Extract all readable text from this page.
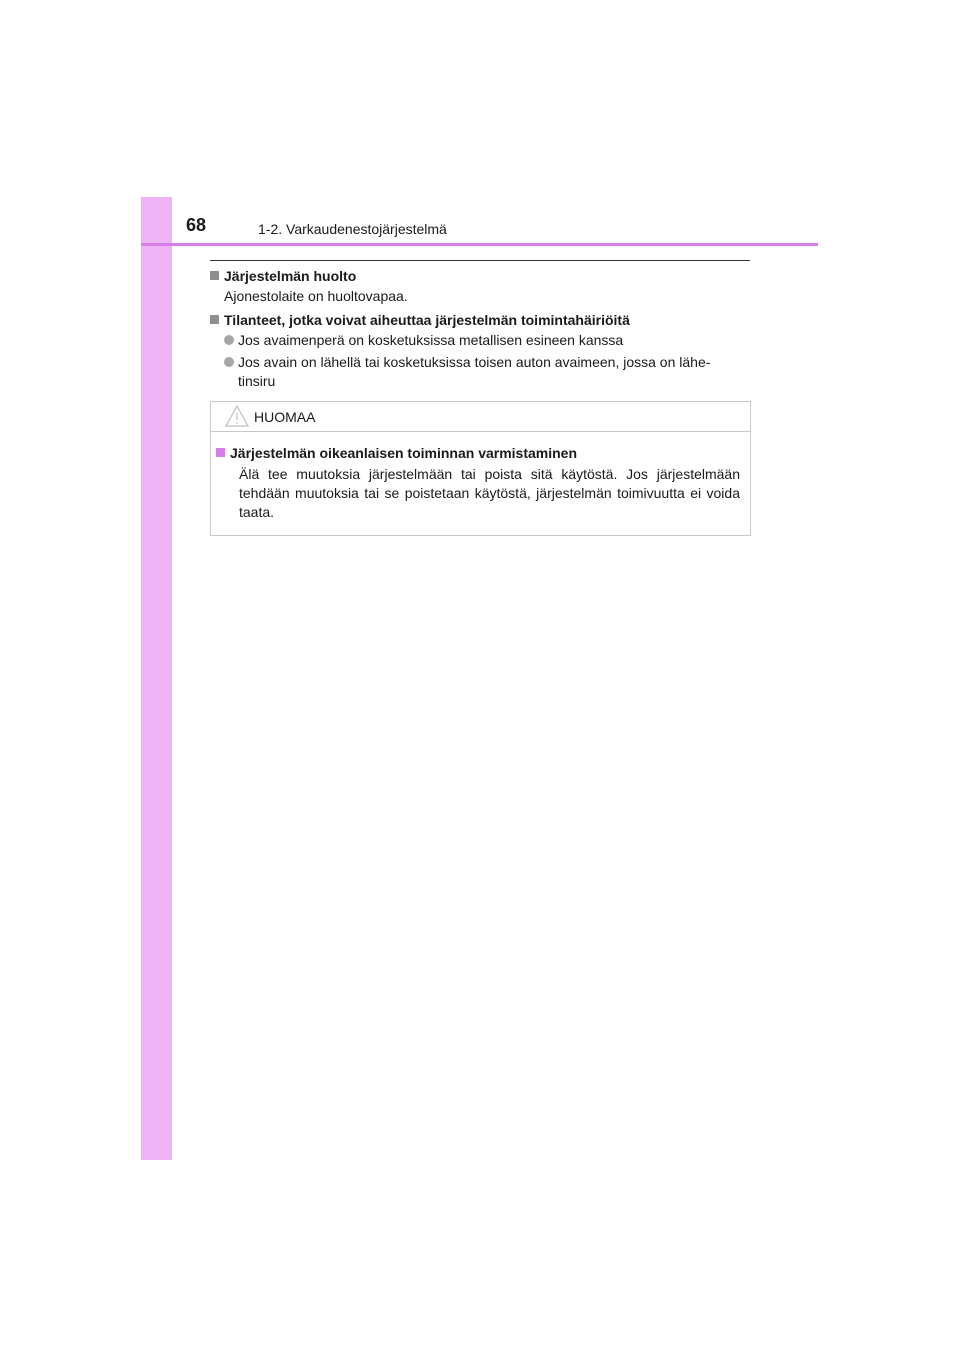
68	1-2. Varkaudenestojärjestelmä
Järjestelmän huolto
Ajonestolaite on huoltovapaa.
Tilanteet, jotka voivat aiheuttaa järjestelmän toimintahäiriöitä
Jos avaimenperä on kosketuksissa metallisen esineen kanssa
Jos avain on lähellä tai kosketuksissa toisen auton avaimeen, jossa on lähe-
tinsiru
HUOMAA
Järjestelmän oikeanlaisen toiminnan varmistaminen
Älä tee muutoksia järjestelmään tai poista sitä käytöstä. Jos järjestelmään tehdään muutoksia tai se poistetaan käytöstä, järjestelmän toimivuutta ei voida taata.
